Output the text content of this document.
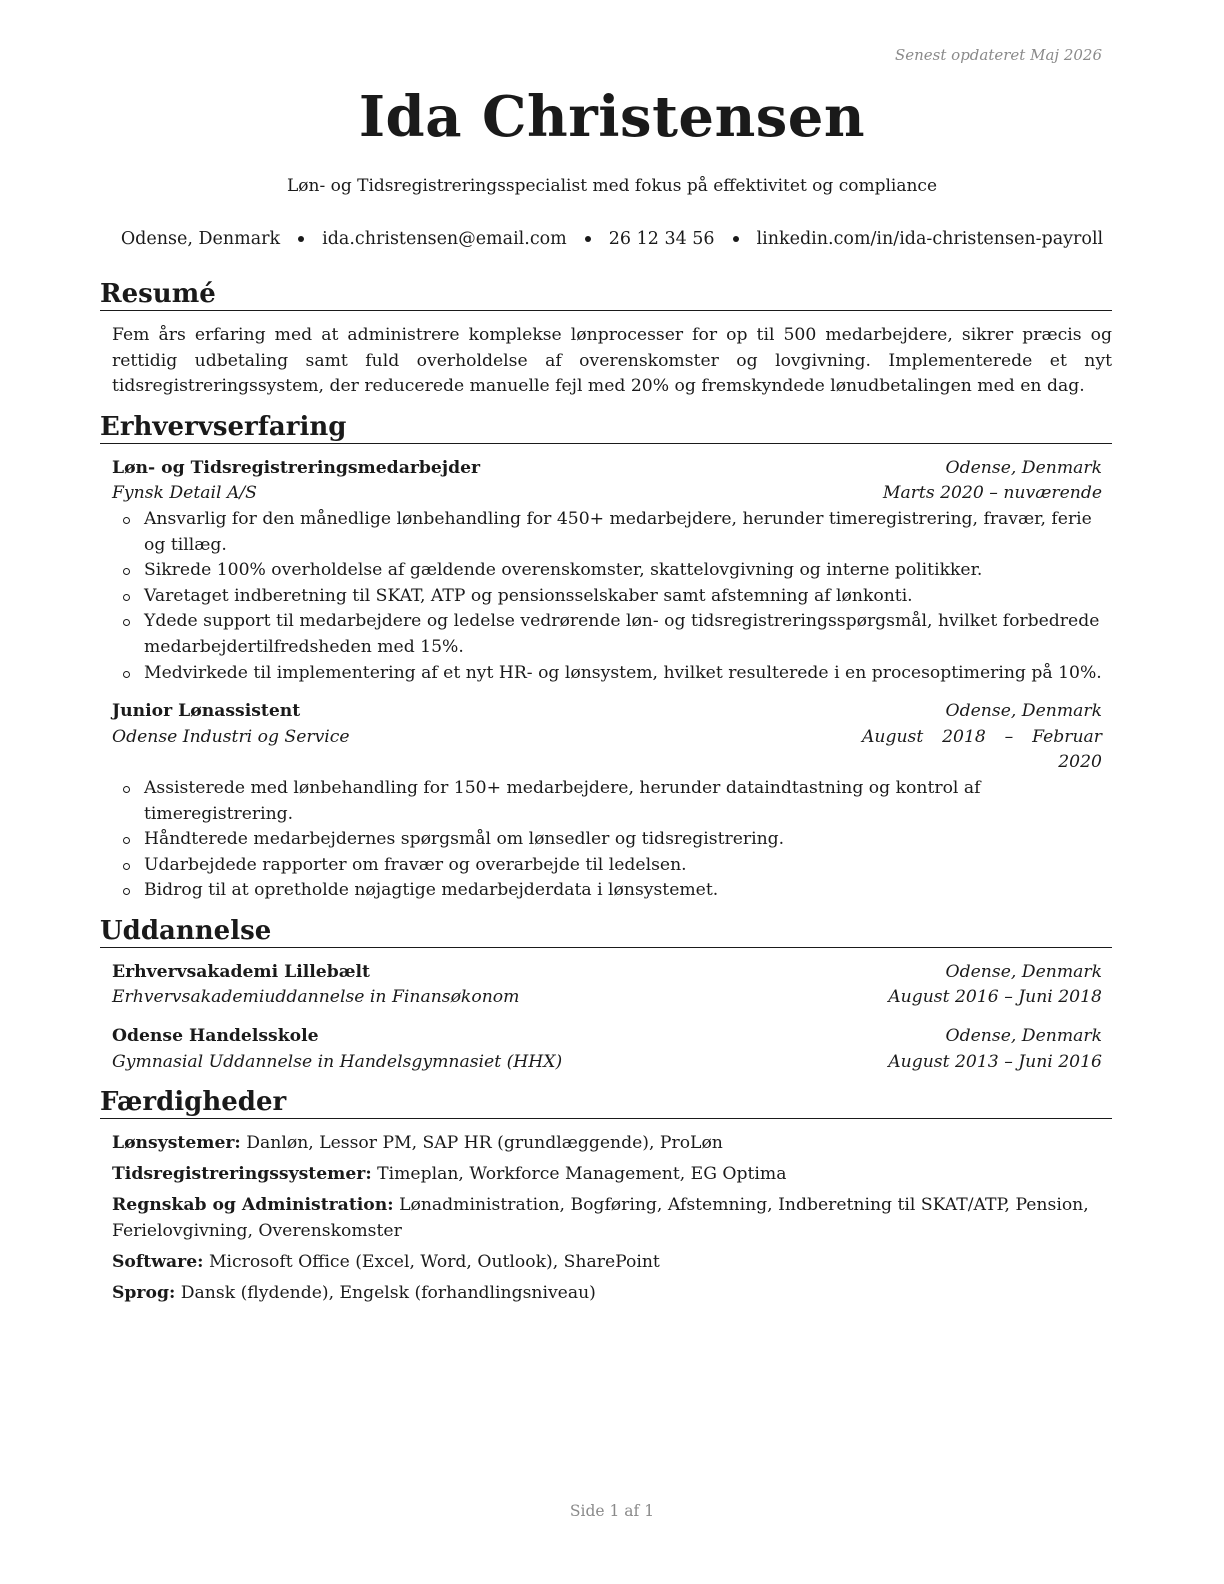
Senest opdateret Maj 2026
Ida Christensen
Løn- og Tidsregistreringsspecialist med fokus på effektivitet og compliance
Odense, Denmark ida.christensen@email.com 26 12 34 56 linkedin.com/in/ida-christensen-payroll
Resumé

Fem års erfaring med at administrere komplekse lønprocesser for op til 500 medarbejdere, sikrer præcis og rettidig udbetaling samt fuld overholdelse af overenskomster og lovgivning. Implementerede et nyt tidsregistreringssystem, der reducerede manuelle fejl med 20% og fremskyndede lønudbetalingen med en dag.

Erhvervserfaring
Løn- og Tidsregistreringsmedarbejder	Odense, Denmark
Fynsk Detail A/S	Marts 2020 – nuværende
Ansvarlig for den månedlige lønbehandling for 450+ medarbejdere, herunder timeregistrering, fravær, ferie og tillæg.
Sikrede 100% overholdelse af gældende overenskomster, skattelovgivning og interne politikker.
Varetaget indberetning til SKAT, ATP og pensionsselskaber samt afstemning af lønkonti.
Ydede support til medarbejdere og ledelse vedrørende løn- og tidsregistreringsspørgsmål, hvilket forbedrede medarbejdertilfredsheden med 15%.
Medvirkede til implementering af et nyt HR- og lønsystem, hvilket resulterede i en procesoptimering på 10%.
Junior Lønassistent	Odense, Denmark
Odense Industri og Service	August 2018 – Februar 2020
Assisterede med lønbehandling for 150+ medarbejdere, herunder dataindtastning og kontrol af timeregistrering.
Håndterede medarbejdernes spørgsmål om lønsedler og tidsregistrering.
Udarbejdede rapporter om fravær og overarbejde til ledelsen.
Bidrog til at opretholde nøjagtige medarbejderdata i lønsystemet.
Uddannelse
Erhvervsakademi Lillebælt	Odense, Denmark
Erhvervsakademiuddannelse in Finansøkonom	August 2016 – Juni 2018
Odense Handelsskole	Odense, Denmark
Gymnasial Uddannelse in Handelsgymnasiet (HHX)	August 2013 – Juni 2016
Færdigheder

Lønsystemer: Danløn, Lessor PM, SAP HR (grundlæggende), ProLøn

Tidsregistreringssystemer: Timeplan, Workforce Management, EG Optima

Regnskab og Administration: Lønadministration, Bogføring, Afstemning, Indberetning til SKAT/ATP, Pension, Ferielovgivning, Overenskomster

Software: Microsoft Office (Excel, Word, Outlook), SharePoint

Sprog: Dansk (flydende), Engelsk (forhandlingsniveau)

Side 1 af 1
